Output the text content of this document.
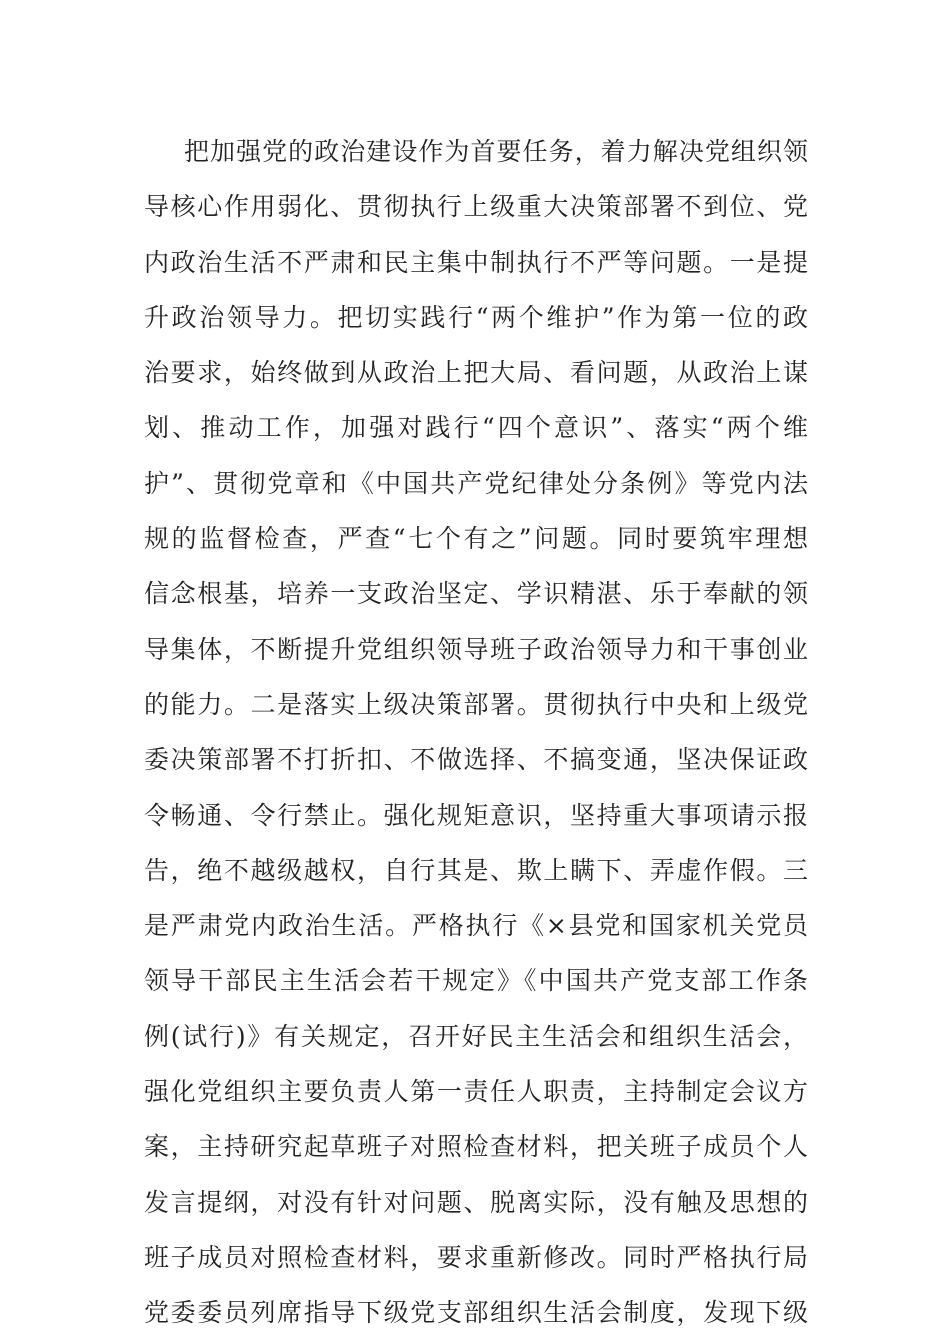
把加强党的政治建设作为首要任务，着力解决党组织领
导核心作用弱化、贯彻执行上级重大决策部署不到位、党
内政治生活不严肃和民主集中制执行不严等问题。一是提
升政治领导力。把切实践行“两个维护”作为第一位的政
治要求，始终做到从政治上把大局、看问题，从政治上谋
划、推动工作，加强对践行“四个意识”、落实“两个维
护”、贯彻党章和《中国共产党纪律处分条例》等党内法
规的监督检查，严查“七个有之”问题。同时要筑牢理想
信念根基，培养一支政治坚定、学识精湛、乐于奉献的领
导集体，不断提升党组织领导班子政治领导力和干事创业
的能力。二是落实上级决策部署。贯彻执行中央和上级党
委决策部署不打折扣、不做选择、不搞变通，坚决保证政
令畅通、令行禁止。强化规矩意识，坚持重大事项请示报
告，绝不越级越权，自行其是、欺上瞒下、弄虚作假。三
是严肃党内政治生活。严格执行《×县党和国家机关党员
领导干部民主生活会若干规定》《中国共产党支部工作条
例(试行)》有关规定，召开好民主生活会和组织生活会，
强化党组织主要负责人第一责任人职责，主持制定会议方
案，主持研究起草班子对照检查材料，把关班子成员个人
发言提纲，对没有针对问题、脱离实际，没有触及思想的
班子成员对照检查材料，要求重新修改。同时严格执行局
党委委员列席指导下级党支部组织生活会制度，发现下级
